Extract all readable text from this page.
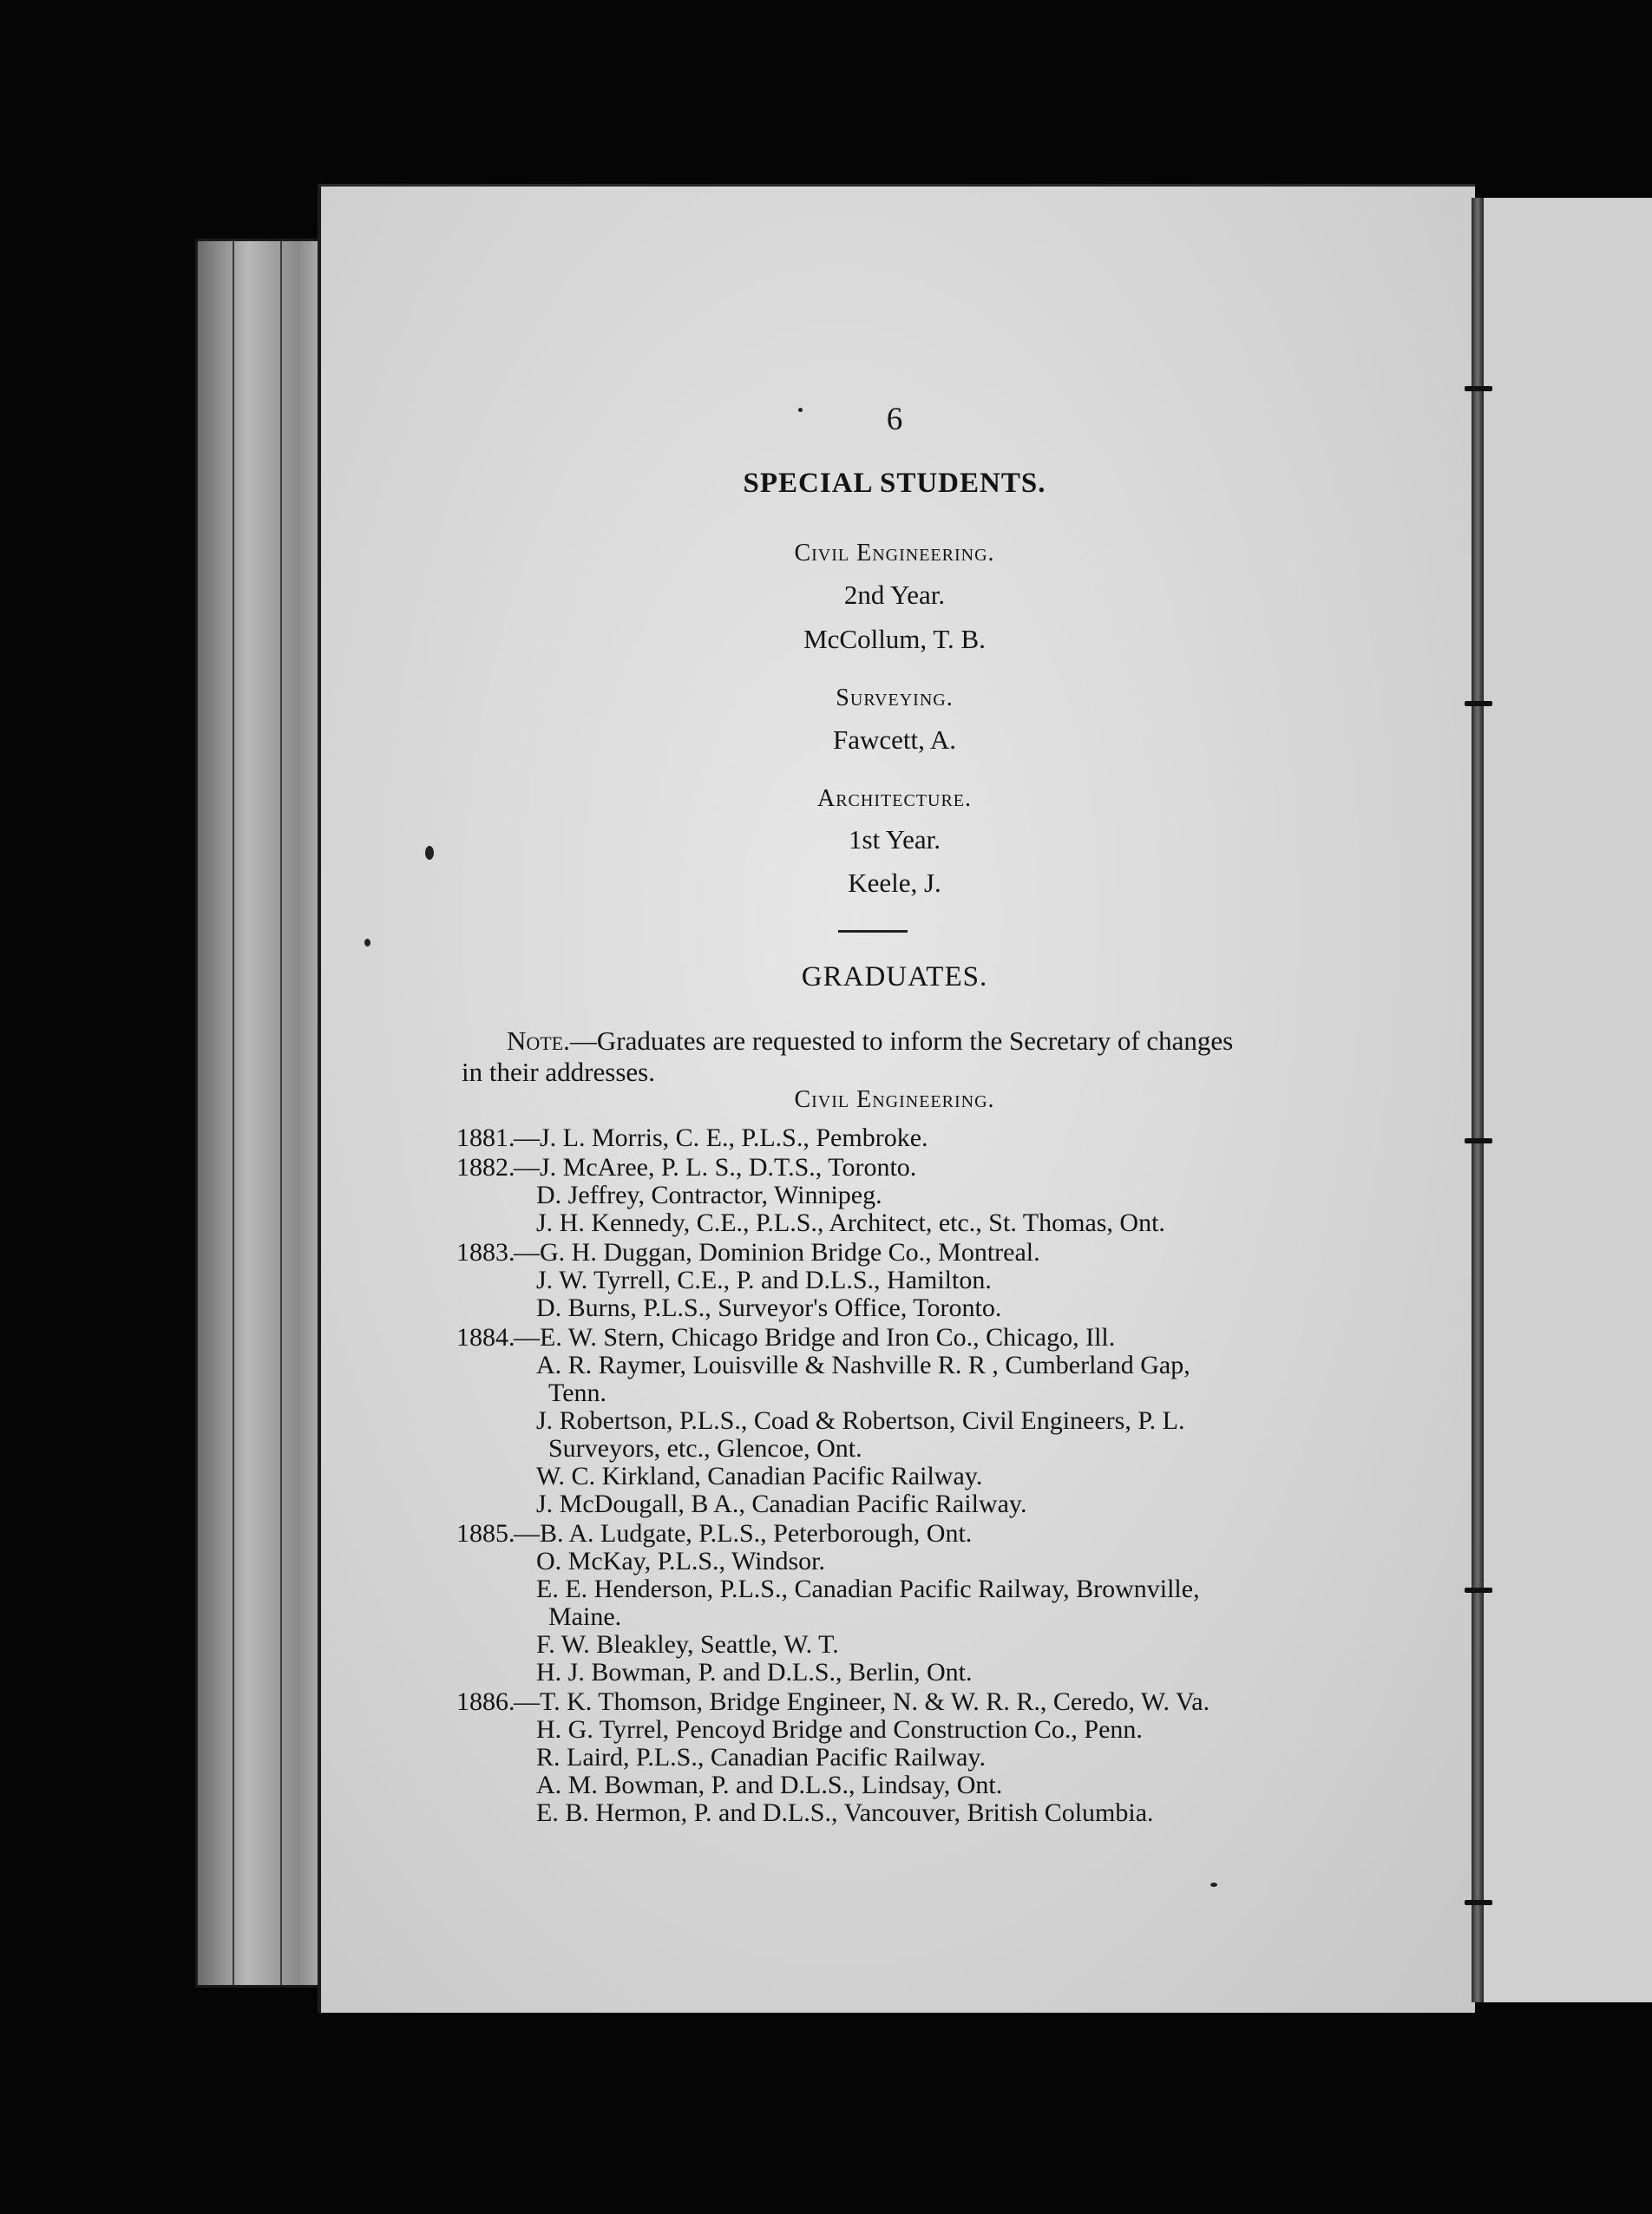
6
SPECIAL STUDENTS.
Civil Engineering.
2nd Year.
McCollum, T. B.
Surveying.
Fawcett, A.
Architecture.
1st Year.
Keele, J.
GRADUATES.
Note.—Graduates are requested to inform the Secretary of changes in their addresses.
Civil Engineering.
1881.
— J. L. Morris, C. E., P.L.S., Pembroke.
1882.
— J. McAree, P. L. S., D.T.S., Toronto.
D. Jeffrey, Contractor, Winnipeg.
J. H. Kennedy, C.E., P.L.S., Architect, etc., St. Thomas, Ont.
1883.
— G. H. Duggan, Dominion Bridge Co., Montreal.
J. W. Tyrrell, C.E., P. and D.L.S., Hamilton.
D. Burns, P.L.S., Surveyor's Office, Toronto.
1884.
— E. W. Stern, Chicago Bridge and Iron Co., Chicago, Ill.
A. R. Raymer, Louisville & Nashville R. R , Cumberland Gap,
Tenn.
J. Robertson, P.L.S., Coad & Robertson, Civil Engineers, P. L.
Surveyors, etc., Glencoe, Ont.
W. C. Kirkland, Canadian Pacific Railway.
J. McDougall, B A., Canadian Pacific Railway.
1885.
— B. A. Ludgate, P.L.S., Peterborough, Ont.
O. McKay, P.L.S., Windsor.
E. E. Henderson, P.L.S., Canadian Pacific Railway, Brownville,
Maine.
F. W. Bleakley, Seattle, W. T.
H. J. Bowman, P. and D.L.S., Berlin, Ont.
1886.
— T. K. Thomson, Bridge Engineer, N. & W. R. R., Ceredo, W. Va.
H. G. Tyrrel, Pencoyd Bridge and Construction Co., Penn.
R. Laird, P.L.S., Canadian Pacific Railway.
A. M. Bowman, P. and D.L.S., Lindsay, Ont.
E. B. Hermon, P. and D.L.S., Vancouver, British Columbia.
